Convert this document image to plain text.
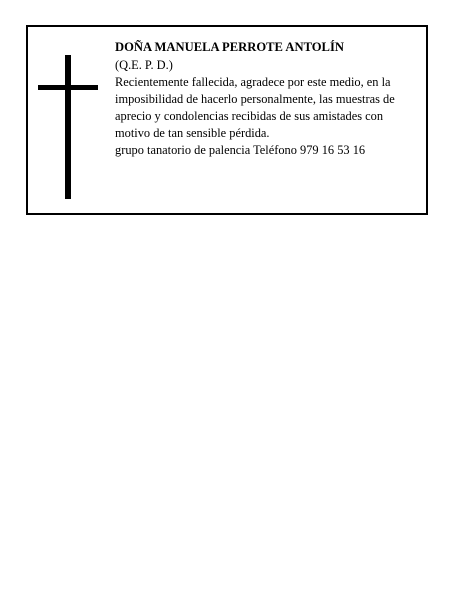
DOÑA MANUELA PERROTE ANTOLÍN

(Q.E. P. D.)

Recientemente fallecida, agradece por este medio, en la imposibilidad de hacerlo personalmente, las muestras de aprecio y condolencias recibidas de sus amistades con motivo de tan sensible pérdida.

grupo tanatorio de palencia Teléfono 979 16 53 16
